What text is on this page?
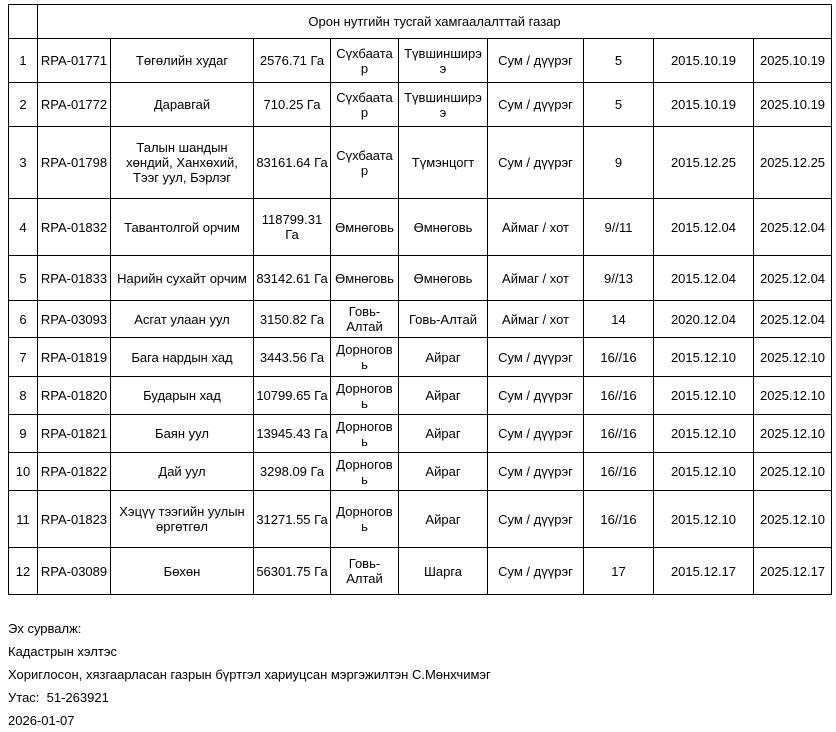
	Орон нутгийн тусгай хамгаалалттай газар								
1	RPA-01771	Төгөлийн худаг	2576.71 Га	Сүхбаатар	Түвшинширээ	Сум / дүүрэг	5	2015.10.19	2025.10.19
2	RPA-01772	Даравгай	710.25 Га	Сүхбаатар	Түвшинширээ	Сум / дүүрэг	5	2015.10.19	2025.10.19
3	RPA-01798	Талын шандын хөндий, Ханхөхий, Тээг уул, Бэрлэг	83161.64 Га	Сүхбаатар	Түмэнцогт	Сум / дүүрэг	9	2015.12.25	2025.12.25
4	RPA-01832	Тавантолгой орчим	118799.31 Га	Өмнөговь	Өмнөговь	Аймаг / хот	9//11	2015.12.04	2025.12.04
5	RPA-01833	Нарийн сухайт орчим	83142.61 Га	Өмнөговь	Өмнөговь	Аймаг / хот	9//13	2015.12.04	2025.12.04
6	RPA-03093	Асгат улаан уул	3150.82 Га	Говь-Алтай	Говь-Алтай	Аймаг / хот	14	2020.12.04	2025.12.04
7	RPA-01819	Бага нардын хад	3443.56 Га	Дорноговь	Айраг	Сум / дүүрэг	16//16	2015.12.10	2025.12.10
8	RPA-01820	Бударын хад	10799.65 Га	Дорноговь	Айраг	Сум / дүүрэг	16//16	2015.12.10	2025.12.10
9	RPA-01821	Баян уул	13945.43 Га	Дорноговь	Айраг	Сум / дүүрэг	16//16	2015.12.10	2025.12.10
10	RPA-01822	Дай уул	3298.09 Га	Дорноговь	Айраг	Сум / дүүрэг	16//16	2015.12.10	2025.12.10
11	RPA-01823	Хэцүү тээгийн уулын өргөтгөл	31271.55 Га	Дорноговь	Айраг	Сум / дүүрэг	16//16	2015.12.10	2025.12.10
12	RPA-03089	Бөхөн	56301.75 Га	Говь-Алтай	Шарга	Сум / дүүрэг	17	2015.12.17	2025.12.17
Эх сурвалж:
Кадастрын хэлтэс
Хориглосон, хязгаарласан газрын бүртгэл хариуцсан мэргэжилтэн С.Мөнхчимэг
Утас:  51-263921
2026-01-07
